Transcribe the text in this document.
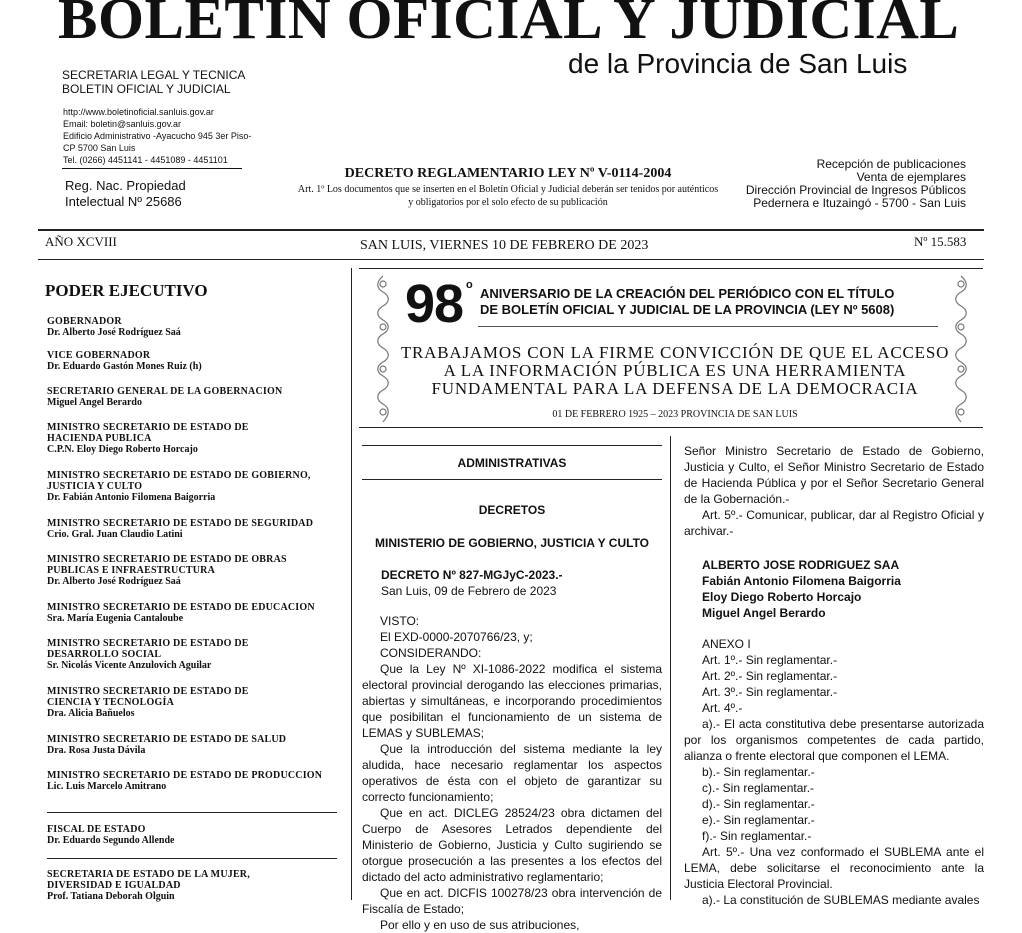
BOLETIN OFICIAL Y JUDICIAL
de la Provincia de San Luis
SECRETARIA LEGAL Y TECNICA
BOLETIN OFICIAL Y JUDICIAL
http://www.boletinoficial.sanluis.gov.ar
Email: boletin@sanluis.gov.ar
Edificio Administrativo -Ayacucho 945 3er Piso-
CP 5700 San Luis
Tel. (0266) 4451141 - 4451089 - 4451101
Reg. Nac. Propiedad
Intelectual Nº 25686
DECRETO REGLAMENTARIO LEY Nº V-0114-2004
Art. 1º Los documentos que se inserten en el Boletín Oficial y Judicial deberán ser tenidos por auténticos y obligatorios por el solo efecto de su publicación
Recepción de publicaciones
Venta de ejemplares
Dirección Provincial de Ingresos Públicos
Pedernera e Ituzaingó - 5700 - San Luis
AÑO XCVIII	SAN LUIS, VIERNES 10 DE FEBRERO DE 2023	Nº 15.583
PODER EJECUTIVO
GOBERNADOR
Dr. Alberto José Rodríguez Saá
VICE GOBERNADOR
Dr. Eduardo Gastón Mones Ruiz (h)
SECRETARIO GENERAL DE LA GOBERNACION
Miguel Angel Berardo
MINISTRO SECRETARIO DE ESTADO DE HACIENDA PUBLICA
C.P.N. Eloy Diego Roberto Horcajo
MINISTRO SECRETARIO DE ESTADO DE GOBIERNO, JUSTICIA Y CULTO
Dr. Fabián Antonio Filomena Baigorria
MINISTRO SECRETARIO DE ESTADO DE SEGURIDAD
Crio. Gral. Juan Claudio Latini
MINISTRO SECRETARIO DE ESTADO DE OBRAS PUBLICAS E INFRAESTRUCTURA
Dr. Alberto José Rodríguez Saá
MINISTRO SECRETARIO DE ESTADO DE EDUCACION
Sra. María Eugenia Cantaloube
MINISTRO SECRETARIO DE ESTADO DE DESARROLLO SOCIAL
Sr. Nicolás Vicente Anzulovich Aguilar
MINISTRO SECRETARIO DE ESTADO DE CIENCIA Y TECNOLOGÍA
Dra. Alicia Bañuelos
MINISTRO SECRETARIO DE ESTADO DE SALUD
Dra. Rosa Justa Dávila
MINISTRO SECRETARIO DE ESTADO DE PRODUCCION
Lic. Luis Marcelo Amitrano
FISCAL DE ESTADO
Dr. Eduardo Segundo Allende
SECRETARIA DE ESTADO DE LA MUJER, DIVERSIDAD E IGUALDAD
Prof. Tatiana Deborah Olguin
98 o
ANIVERSARIO DE LA CREACIÓN DEL PERIÓDICO CON EL TÍTULO
DE BOLETÍN OFICIAL Y JUDICIAL DE LA PROVINCIA (LEY Nº 5608)
TRABAJAMOS CON LA FIRME CONVICCIÓN DE QUE EL ACCESO
A LA INFORMACIÓN PÚBLICA ES UNA HERRAMIENTA
FUNDAMENTAL PARA LA DEFENSA DE LA DEMOCRACIA
01 DE FEBRERO 1925 – 2023 PROVINCIA DE SAN LUIS
ADMINISTRATIVAS
DECRETOS
MINISTERIO DE GOBIERNO, JUSTICIA Y CULTO
DECRETO Nº 827-MGJyC-2023.-
San Luis, 09 de Febrero de 2023

VISTO:

El EXD-0000-2070766/23, y;

CONSIDERANDO:

Que la Ley Nº XI-1086-2022 modifica el sistema electoral provincial derogando las elecciones primarias, abiertas y simultáneas, e incorporando procedimientos que posibilitan el funcionamiento de un sistema de LEMAS y SUBLEMAS;

Que la introducción del sistema mediante la ley aludida, hace necesario reglamentar los aspectos operativos de ésta con el objeto de garantizar su correcto funcionamiento;

Que en act. DICLEG 28524/23 obra dictamen del Cuerpo de Asesores Letrados dependiente del Ministerio de Gobierno, Justicia y Culto sugiriendo se otorgue prosecución a las presentes a los efectos del dictado del acto administrativo reglamentario;

Que en act. DICFIS 100278/23 obra intervención de Fiscalía de Estado;

Por ello y en uso de sus atribuciones,

Señor Ministro Secretario de Estado de Gobierno, Justicia y Culto, el Señor Ministro Secretario de Estado de Hacienda Pública y por el Señor Secretario General de la Gobernación.-

Art. 5º.- Comunicar, publicar, dar al Registro Oficial y archivar.-

ALBERTO JOSE RODRIGUEZ SAA
Fabián Antonio Filomena Baigorria
Eloy Diego Roberto Horcajo
Miguel Angel Berardo
ANEXO I

Art. 1º.- Sin reglamentar.-

Art. 2º.- Sin reglamentar.-

Art. 3º.- Sin reglamentar.-

Art. 4º.-

a).- El acta constitutiva debe presentarse autorizada por los organismos competentes de cada partido, alianza o frente electoral que componen el LEMA.

b).- Sin reglamentar.-

c).- Sin reglamentar.-

d).- Sin reglamentar.-

e).- Sin reglamentar.-

f).- Sin reglamentar.-

Art. 5º.- Una vez conformado el SUBLEMA ante el LEMA, debe solicitarse el reconocimiento ante la Justicia Electoral Provincial.

a).- La constitución de SUBLEMAS mediante avales
